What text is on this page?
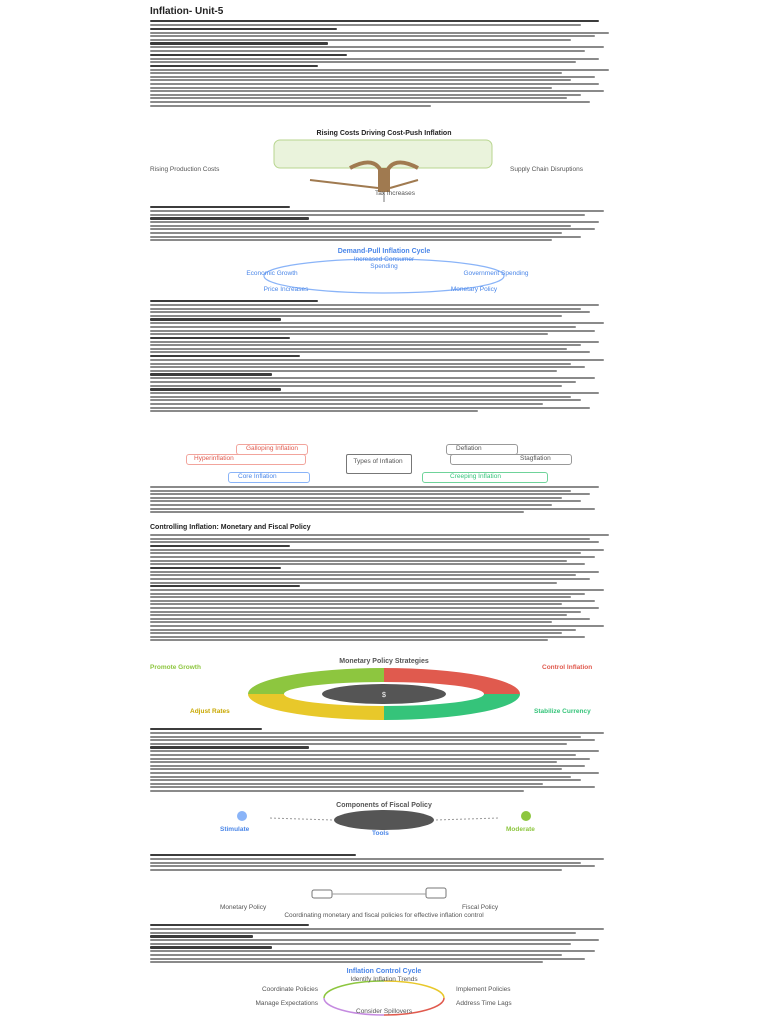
Inflation- Unit-5
Rising Costs Driving Cost-Push Inflation
Rising Production Costs	Supply Chain Disruptions
Tax Increases
Demand-Pull Inflation Cycle
Increased Consumer Spending
Government Spending
Monetary Policy
Price Increases
Economic Growth
Galloping Inflation
Hyperinflation
Core Inflation
Deflation
Stagflation
Creeping Inflation
Types of Inflation
Controlling Inflation: Monetary and Fiscal Policy
Monetary Policy Strategies
$
Promote Growth
Adjust Rates
Control Inflation
Stabilize Currency
Components of Fiscal Policy
Stimulate
Tools
Moderate
Monetary Policy	Fiscal Policy
Coordinating monetary and fiscal policies for effective inflation control
Inflation Control Cycle
Identify Inflation Trends
Implement Policies
Address Time Lags
Consider Spillovers
Manage Expectations
Coordinate Policies
